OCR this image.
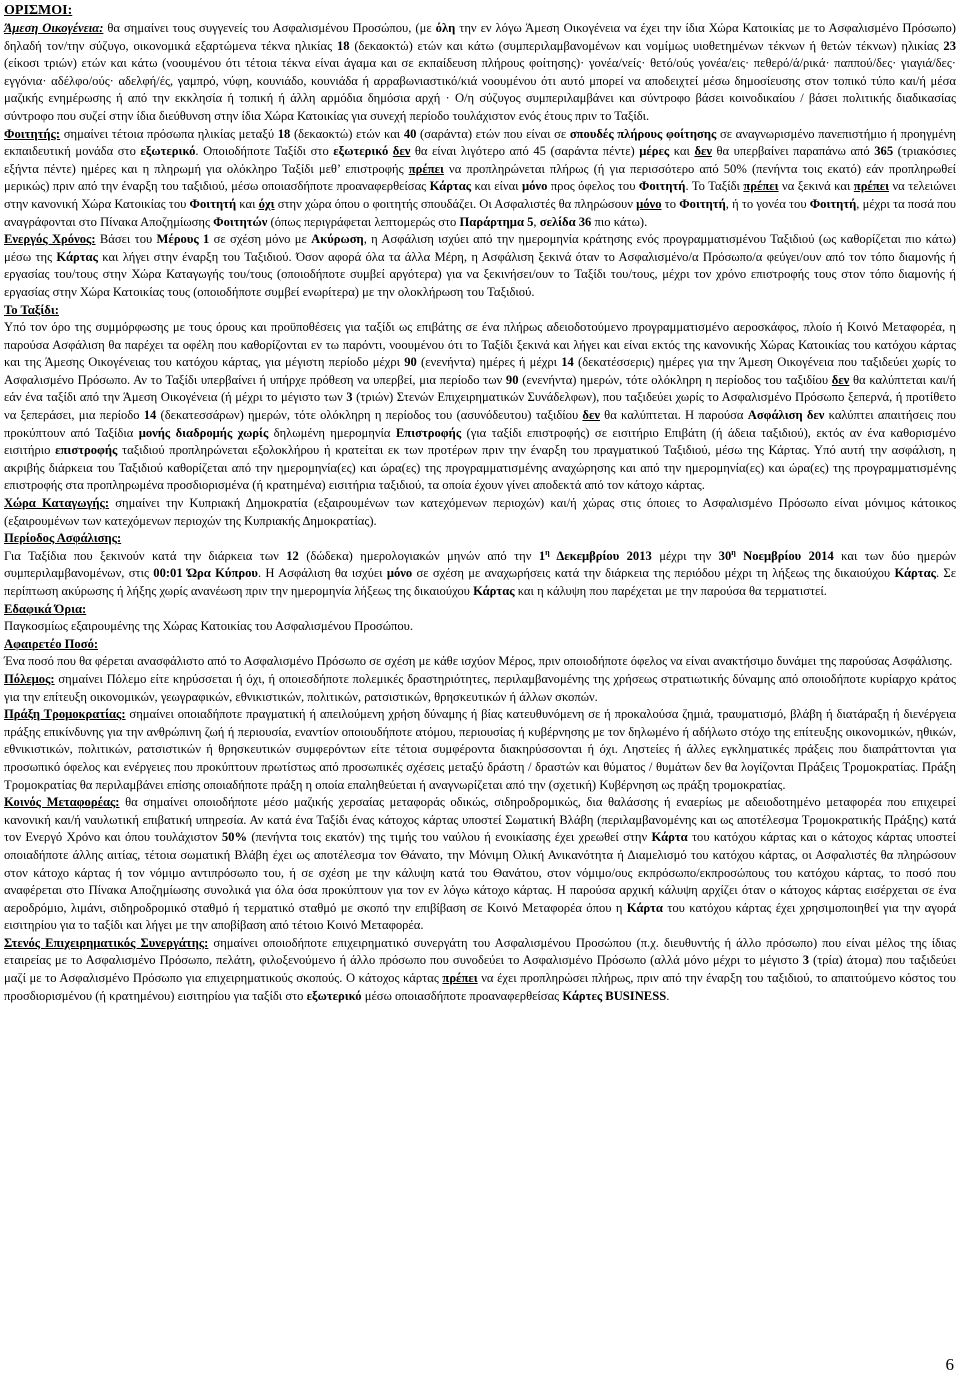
ΟΡΙΣΜΟΙ:

Άμεση Οικογένεια: θα σημαίνει τους συγγενείς του Ασφαλισμένου Προσώπου, (με όλη την εν λόγω Άμεση Οικογένεια να έχει την ίδια Χώρα Κατοικίας με το Ασφαλισμένο Πρόσωπο) δηλαδή τον/την σύζυγο, οικονομικά εξαρτώμενα τέκνα ηλικίας 18 (δεκαοκτώ) ετών και κάτω (συμπεριλαμβανομένων και νομίμως υιοθετημένων τέκνων ή θετών τέκνων) ηλικίας 23 (είκοσι τριών) ετών και κάτω (νοουμένου ότι τέτοια τέκνα είναι άγαμα και σε εκπαίδευση πλήρους φοίτησης)· γονέα/νείς· θετό/ούς γονέα/εις· πεθερό/ά/ρικά· παππού/δες· γιαγιά/δες· εγγόνια· αδέλφο/ούς· αδελφή/ές, γαμπρό, νύφη, κουνιάδο, κουνιάδα ή αρραβωνιαστικό/κιά νοουμένου ότι αυτό μπορεί να αποδειχτεί μέσω δημοσίευσης στον τοπικό τύπο και/ή μέσα μαζικής ενημέρωσης ή από την εκκλησία ή τοπική ή άλλη αρμόδια δημόσια αρχή · Ο/η σύζυγος συμπεριλαμβάνει και σύντροφο βάσει κοινοδικαίου / βάσει πολιτικής διαδικασίας σύντροφο που συζεί στην ίδια διεύθυνση στην ίδια Χώρα Κατοικίας για συνεχή περίοδο τουλάχιστον ενός έτους πριν το Ταξίδι.

Φοιτητής: σημαίνει τέτοια πρόσωπα ηλικίας μεταξύ 18 (δεκαοκτώ) ετών και 40 (σαράντα) ετών που είναι σε σπουδές πλήρους φοίτησης σε αναγνωρισμένο πανεπιστήμιο ή προηγμένη εκπαιδευτική μονάδα στο εξωτερικό. Οποιοδήποτε Ταξίδι στο εξωτερικό δεν θα είναι λιγότερο από 45 (σαράντα πέντε) μέρες και δεν θα υπερβαίνει παραπάνω από 365 (τριακόσιες εξήντα πέντε) ημέρες και η πληρωμή για ολόκληρο Ταξίδι μεθ’ επιστροφής πρέπει να προπληρώνεται πλήρως (ή για περισσότερο από 50% (πενήντα τοις εκατό) εάν προπληρωθεί μερικώς) πριν από την έναρξη του ταξιδιού, μέσω οποιασδήποτε προαναφερθείσας Κάρτας και είναι μόνο προς όφελος του Φοιτητή. Το Ταξίδι πρέπει να ξεκινά και πρέπει να τελειώνει στην κανονική Χώρα Κατοικίας του Φοιτητή και όχι στην χώρα όπου ο φοιτητής σπουδάζει. Οι Ασφαλιστές θα πληρώσουν μόνο το Φοιτητή, ή το γονέα του Φοιτητή, μέχρι τα ποσά που αναγράφονται στο Πίνακα Αποζημίωσης Φοιτητών (όπως περιγράφεται λεπτομερώς στο Παράρτημα 5, σελίδα 36 πιο κάτω).

Ενεργός Χρόνος: Βάσει του Μέρους 1 σε σχέση μόνο με Ακύρωση, η Ασφάλιση ισχύει από την ημερομηνία κράτησης ενός προγραμματισμένου Ταξιδιού (ως καθορίζεται πιο κάτω) μέσω της Κάρτας και λήγει στην έναρξη του Ταξιδιού. Όσον αφορά όλα τα άλλα Μέρη, η Ασφάλιση ξεκινά όταν το Ασφαλισμένο/α Πρόσωπο/α φεύγει/ουν από τον τόπο διαμονής ή εργασίας του/τους στην Χώρα Καταγωγής του/τους (οποιοδήποτε συμβεί αργότερα) για να ξεκινήσει/ουν το Ταξίδι του/τους, μέχρι τον χρόνο επιστροφής τους στον τόπο διαμονής ή εργασίας στην Χώρα Κατοικίας τους (οποιοδήποτε συμβεί ενωρίτερα) με την ολοκλήρωση του Ταξιδιού.

Το Ταξίδι:

Υπό τον όρο της συμμόρφωσης με τους όρους και προϋποθέσεις για ταξίδι ως επιβάτης σε ένα πλήρως αδειοδοτούμενο προγραμματισμένο αεροσκάφος, πλοίο ή Κοινό Μεταφορέα, η παρούσα Ασφάλιση θα παρέχει τα οφέλη που καθορίζονται εν τω παρόντι, νοουμένου ότι το Ταξίδι ξεκινά και λήγει και είναι εκτός της κανονικής Χώρας Κατοικίας του κατόχου κάρτας και της Άμεσης Οικογένειας του κατόχου κάρτας, για μέγιστη περίοδο μέχρι 90 (ενενήντα) ημέρες ή μέχρι 14 (δεκατέσσερις) ημέρες για την Άμεση Οικογένεια που ταξιδεύει χωρίς το Ασφαλισμένο Πρόσωπο. Αν το Ταξίδι υπερβαίνει ή υπήρχε πρόθεση να υπερβεί, μια περίοδο των 90 (ενενήντα) ημερών, τότε ολόκληρη η περίοδος του ταξιδίου δεν θα καλύπτεται και/ή εάν ένα ταξίδι από την Άμεση Οικογένεια (ή μέχρι το μέγιστο των 3 (τριών) Στενών Επιχειρηματικών Συνάδελφων), που ταξιδεύει χωρίς το Ασφαλισμένο Πρόσωπο ξεπερνά, ή προτίθετο να ξεπεράσει, μια περίοδο 14 (δεκατεσσάρων) ημερών, τότε ολόκληρη η περίοδος του (ασυνόδευτου) ταξιδίου δεν θα καλύπτεται. Η παρούσα Ασφάλιση δεν καλύπτει απαιτήσεις που προκύπτουν από Ταξίδια μονής διαδρομής χωρίς δηλωμένη ημερομηνία Επιστροφής (για ταξίδι επιστροφής) σε εισιτήριο Επιβάτη (ή άδεια ταξιδιού), εκτός αν ένα καθορισμένο εισιτήριο επιστροφής ταξιδιού προπληρώνεται εξολοκλήρου ή κρατείται εκ των προτέρων πριν την έναρξη του πραγματικού Ταξιδιού, μέσω της Κάρτας. Υπό αυτή την ασφάλιση, η ακριβής διάρκεια του Ταξιδιού καθορίζεται από την ημερομηνία(ες) και ώρα(ες) της προγραμματισμένης αναχώρησης και από την ημερομηνία(ες) και ώρα(ες) της προγραμματισμένης επιστροφής στα προπληρωμένα προσδιορισμένα (ή κρατημένα) εισιτήρια ταξιδιού, τα οποία έχουν γίνει αποδεκτά από τον κάτοχο κάρτας.

Χώρα Καταγωγής: σημαίνει την Κυπριακή Δημοκρατία (εξαιρουμένων των κατεχόμενων περιοχών) και/ή χώρας στις όποιες το Ασφαλισμένο Πρόσωπο είναι μόνιμος κάτοικος (εξαιρουμένων των κατεχόμενων περιοχών της Κυπριακής Δημοκρατίας).

Περίοδος Ασφάλισης:

Για Ταξίδια που ξεκινούν κατά την διάρκεια των 12 (δώδεκα) ημερολογιακών μηνών από την $1^\eta$ Δεκεμβρίου 2013 μέχρι την $30^\eta$ Νοεμβρίου 2014 και των δύο ημερών συμπεριλαμβανομένων, στις 00:01 Ώρα Κύπρου. Η Ασφάλιση θα ισχύει μόνο σε σχέση με αναχωρήσεις κατά την διάρκεια της περιόδου μέχρι τη λήξεως της δικαιούχου Κάρτας. Σε περίπτωση ακύρωσης ή λήξης χωρίς ανανέωση πριν την ημερομηνία λήξεως της δικαιούχου Κάρτας και η κάλυψη που παρέχεται με την παρούσα θα τερματιστεί.

Εδαφικά Όρια:

Παγκοσμίως εξαιρουμένης της Χώρας Κατοικίας του Ασφαλισμένου Προσώπου.

Αφαιρετέο Ποσό:

Ένα ποσό που θα φέρεται ανασφάλιστο από το Ασφαλισμένο Πρόσωπο σε σχέση με κάθε ισχύον Μέρος, πριν οποιοδήποτε όφελος να είναι ανακτήσιμο δυνάμει της παρούσας Ασφάλισης.

Πόλεμος: σημαίνει Πόλεμο είτε κηρύσσεται ή όχι, ή οποιεσδήποτε πολεμικές δραστηριότητες, περιλαμβανομένης της χρήσεως στρατιωτικής δύναμης από οποιοδήποτε κυρίαρχο κράτος για την επίτευξη οικονομικών, γεωγραφικών, εθνικιστικών, πολιτικών, ρατσιστικών, θρησκευτικών ή άλλων σκοπών.

Πράξη Τρομοκρατίας: σημαίνει οποιαδήποτε πραγματική ή απειλούμενη χρήση δύναμης ή βίας κατευθυνόμενη σε ή προκαλούσα ζημιά, τραυματισμό, βλάβη ή διατάραξη ή διενέργεια πράξης επικίνδυνης για την ανθρώπινη ζωή ή περιουσία, εναντίον οποιουδήποτε ατόμου, περιουσίας ή κυβέρνησης με τον δηλωμένο ή αδήλωτο στόχο της επίτευξης οικονομικών, ηθικών, εθνικιστικών, πολιτικών, ρατσιστικών ή θρησκευτικών συμφερόντων είτε τέτοια συμφέροντα διακηρύσσονται ή όχι. Ληστείες ή άλλες εγκληματικές πράξεις που διαπράττονται για προσωπικό όφελος και ενέργειες που προκύπτουν πρωτίστως από προσωπικές σχέσεις μεταξύ δράστη / δραστών και θύματος / θυμάτων δεν θα λογίζονται Πράξεις Τρομοκρατίας. Πράξη Τρομοκρατίας θα περιλαμβάνει επίσης οποιαδήποτε πράξη η οποία επαληθεύεται ή αναγνωρίζεται από την (σχετική) Κυβέρνηση ως πράξη τρομοκρατίας.

Κοινός Μεταφορέας: θα σημαίνει οποιοδήποτε μέσο μαζικής χερσαίας μεταφοράς οδικώς, σιδηροδρομικώς, δια θαλάσσης ή εναερίως με αδειοδοτημένο μεταφορέα που επιχειρεί κανονική και/ή ναυλωτική επιβατική υπηρεσία. Αν κατά ένα Ταξίδι ένας κάτοχος κάρτας υποστεί Σωματική Βλάβη (περιλαμβανομένης και ως αποτέλεσμα Τρομοκρατικής Πράξης) κατά τον Ενεργό Χρόνο και όπου τουλάχιστον 50% (πενήντα τοις εκατόν) της τιμής του ναύλου ή ενοικίασης έχει χρεωθεί στην Κάρτα του κατόχου κάρτας και ο κάτοχος κάρτας υποστεί οποιαδήποτε άλλης αιτίας, τέτοια σωματική Βλάβη έχει ως αποτέλεσμα τον Θάνατο, την Μόνιμη Ολική Ανικανότητα ή Διαμελισμό του κατόχου κάρτας, οι Ασφαλιστές θα πληρώσουν στον κάτοχο κάρτας ή τον νόμιμο αντιπρόσωπο του, ή σε σχέση με την κάλυψη κατά του Θανάτου, στον νόμιμο/ους εκπρόσωπο/εκπροσώπους του κατόχου κάρτας, το ποσό που αναφέρεται στο Πίνακα Αποζημίωσης συνολικά για όλα όσα προκύπτουν για τον εν λόγω κάτοχο κάρτας. Η παρούσα αρχική κάλυψη αρχίζει όταν ο κάτοχος κάρτας εισέρχεται σε ένα αεροδρόμιο, λιμάνι, σιδηροδρομικό σταθμό ή τερματικό σταθμό με σκοπό την επιβίβαση σε Κοινό Μεταφορέα όπου η Κάρτα του κατόχου κάρτας έχει χρησιμοποιηθεί για την αγορά εισιτηρίου για το ταξίδι και λήγει με την αποβίβαση από τέτοιο Κοινό Μεταφορέα.

Στενός Επιχειρηματικός Συνεργάτης: σημαίνει οποιοδήποτε επιχειρηματικό συνεργάτη του Ασφαλισμένου Προσώπου (π.χ. διευθυντής ή άλλο πρόσωπο) που είναι μέλος της ίδιας εταιρείας με το Ασφαλισμένο Πρόσωπο, πελάτη, φιλοξενούμενο ή άλλο πρόσωπο που συνοδεύει το Ασφαλισμένο Πρόσωπο (αλλά μόνο μέχρι το μέγιστο 3 (τρία) άτομα) που ταξιδεύει μαζί με το Ασφαλισμένο Πρόσωπο για επιχειρηματικούς σκοπούς. Ο κάτοχος κάρτας πρέπει να έχει προπληρώσει πλήρως, πριν από την έναρξη του ταξιδιού, το απαιτούμενο κόστος του προσδιορισμένου (ή κρατημένου) εισιτηρίου για ταξίδι στο εξωτερικό μέσω οποιασδήποτε προαναφερθείσας Κάρτες BUSINESS.

6
